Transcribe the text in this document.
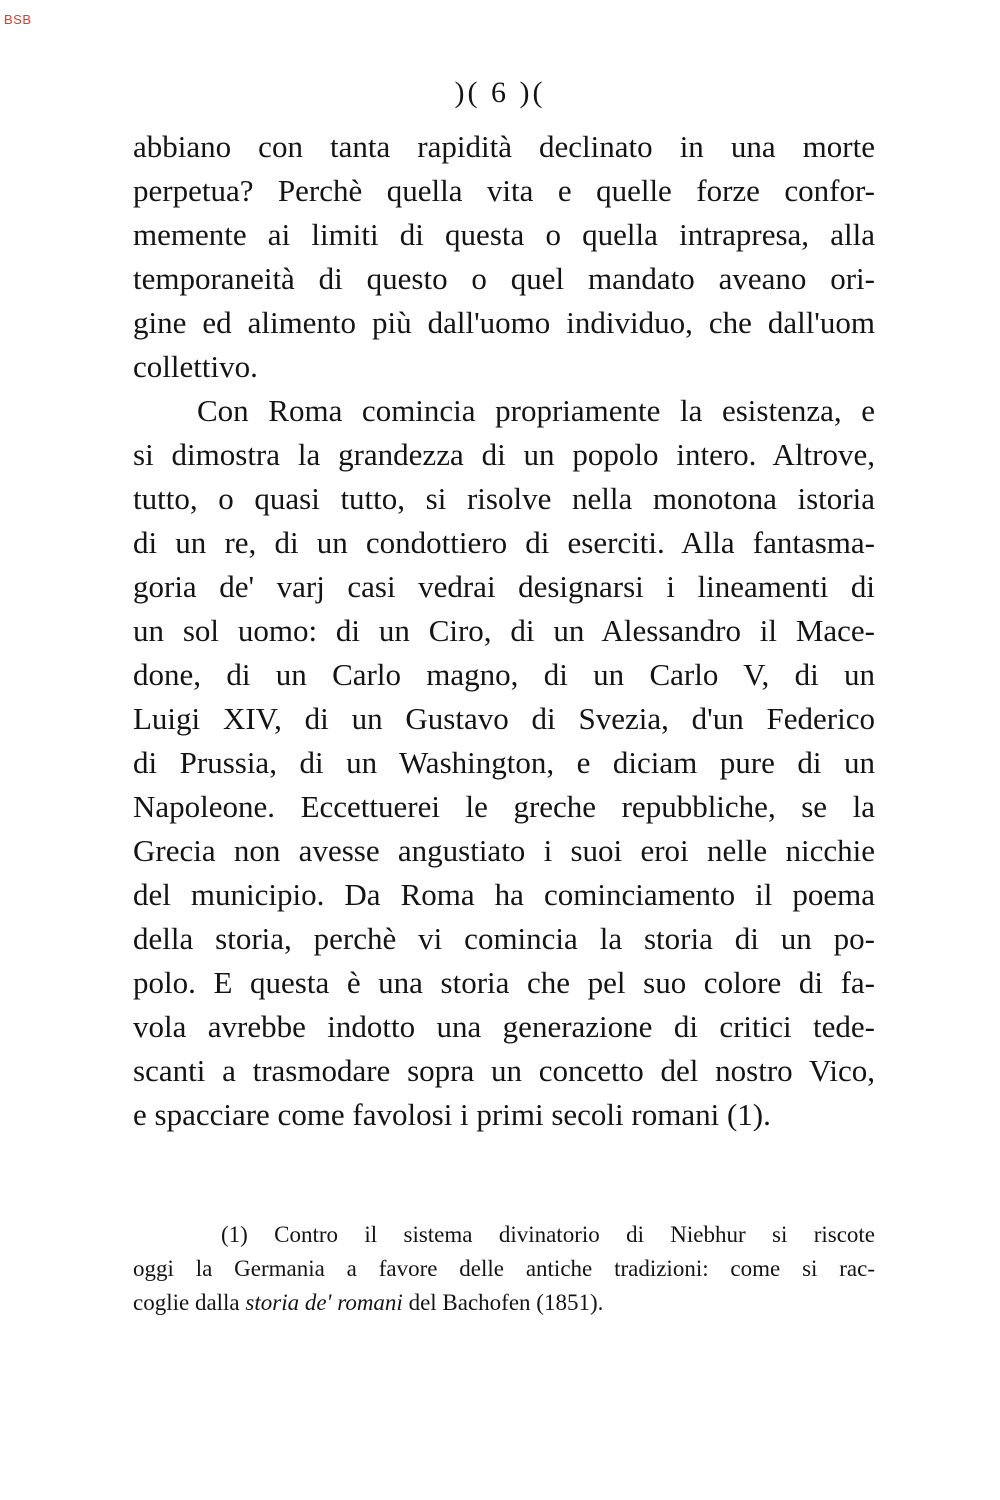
BSB
)( 6 )(
abbiano con tanta rapidità declinato in una morte
perpetua? Perchè quella vita e quelle forze confor-
memente ai limiti di questa o quella intrapresa, alla
temporaneità di questo o quel mandato aveano ori-
gine ed alimento più dall'uomo individuo, che dall'uom
collettivo.
Con Roma comincia propriamente la esistenza, e
si dimostra la grandezza di un popolo intero. Altrove,
tutto, o quasi tutto, si risolve nella monotona istoria
di un re, di un condottiero di eserciti. Alla fantasma-
goria de' varj casi vedrai designarsi i lineamenti di
un sol uomo: di un Ciro, di un Alessandro il Mace-
done, di un Carlo magno, di un Carlo V, di un
Luigi XIV, di un Gustavo di Svezia, d'un Federico
di Prussia, di un Washington, e diciam pure di un
Napoleone. Eccettuerei le greche repubbliche, se la
Grecia non avesse angustiato i suoi eroi nelle nicchie
del municipio. Da Roma ha cominciamento il poema
della storia, perchè vi comincia la storia di un po-
polo. E questa è una storia che pel suo colore di fa-
vola avrebbe indotto una generazione di critici tede-
scanti a trasmodare sopra un concetto del nostro Vico,
e spacciare come favolosi i primi secoli romani (1).
(1) Contro il sistema divinatorio di Niebhur si riscote
oggi la Germania a favore delle antiche tradizioni: come si rac-
coglie dalla storia de' romani del Bachofen (1851).
